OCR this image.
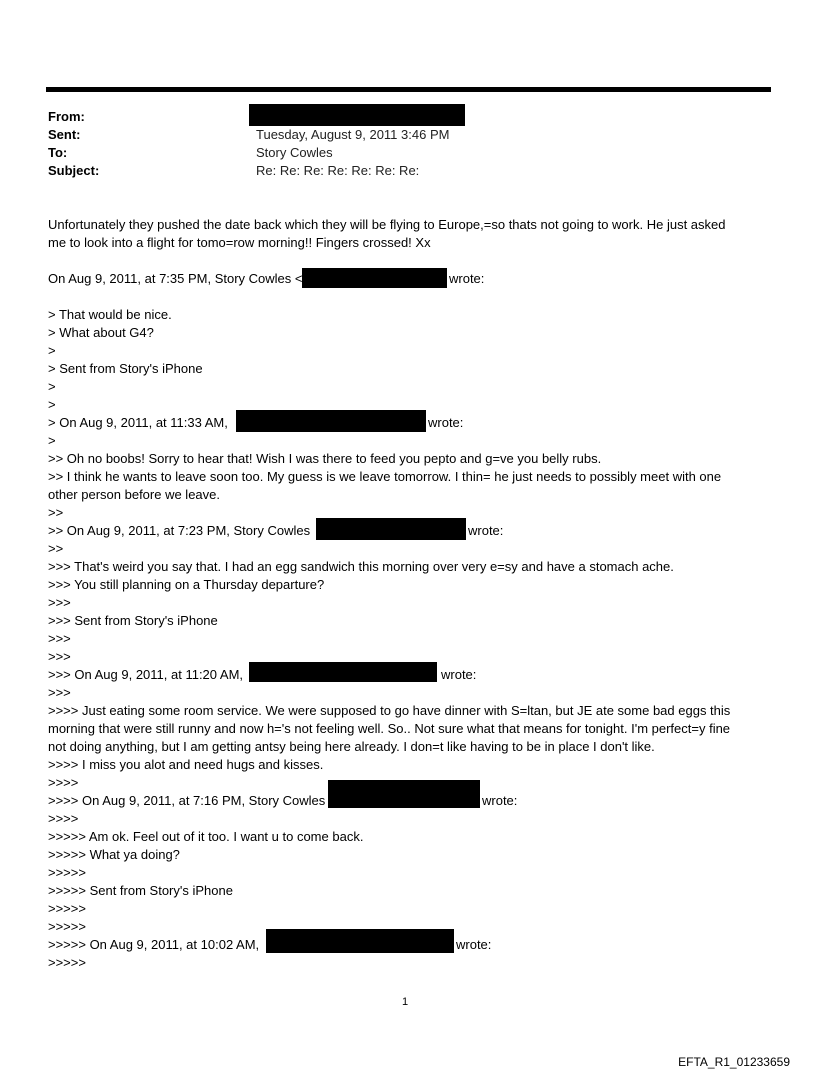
From:
Sent:	Tuesday, August 9, 2011 3:46 PM
To:	Story Cowles
Subject:	Re: Re: Re: Re: Re: Re: Re:
Unfortunately they pushed the date back which they will be flying to Europe,=so thats not going to work. He just asked
me to look into a flight for tomo=row morning!! Fingers crossed! Xx
On Aug 9, 2011, at 7:35 PM, Story Cowles <	wrote:
> That would be nice.
> What about G4?
>
> Sent from Story's iPhone
>
>
> On Aug 9, 2011, at 11:33 AM,	wrote:
>
>> Oh no boobs! Sorry to hear that! Wish I was there to feed you pepto and g=ve you belly rubs.
>> I think he wants to leave soon too. My guess is we leave tomorrow. I thin= he just needs to possibly meet with one
other person before we leave.
>>
>> On Aug 9, 2011, at 7:23 PM, Story Cowles	wrote:
>>
>>> That's weird you say that. I had an egg sandwich this morning over very e=sy and have a stomach ache.
>>> You still planning on a Thursday departure?
>>>
>>> Sent from Story's iPhone
>>>
>>>
>>> On Aug 9, 2011, at 11:20 AM,	wrote:
>>>
>>>> Just eating some room service. We were supposed to go have dinner with S=ltan, but JE ate some bad eggs this
morning that were still runny and now h='s not feeling well. So.. Not sure what that means for tonight. I'm perfect=y fine
not doing anything, but I am getting antsy being here already. I don=t like having to be in place I don't like.
>>>> I miss you alot and need hugs and kisses.
>>>>
>>>> On Aug 9, 2011, at 7:16 PM, Story Cowles	wrote:
>>>>
>>>>> Am ok. Feel out of it too. I want u to come back.
>>>>> What ya doing?
>>>>>
>>>>> Sent from Story's iPhone
>>>>>
>>>>>
>>>>> On Aug 9, 2011, at 10:02 AM,	wrote:
>>>>>
1
EFTA_R1_01233659
